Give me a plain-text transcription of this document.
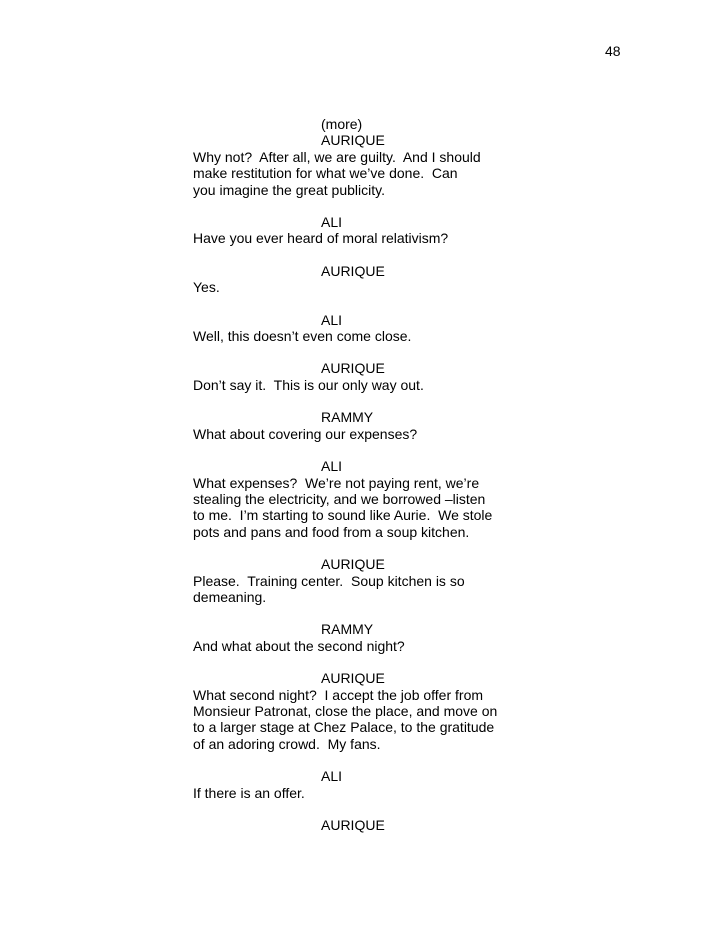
48
(more)
AURIQUE
Why not?  After all, we are guilty.  And I should
make restitution for what we’ve done.  Can
you imagine the great publicity.
ALI
Have you ever heard of moral relativism?
AURIQUE
Yes.
ALI
Well, this doesn’t even come close.
AURIQUE
Don’t say it.  This is our only way out.
RAMMY
What about covering our expenses?
ALI
What expenses?  We’re not paying rent, we’re
stealing the electricity, and we borrowed –listen
to me.  I’m starting to sound like Aurie.  We stole
pots and pans and food from a soup kitchen.
AURIQUE
Please.  Training center.  Soup kitchen is so
demeaning.
RAMMY
And what about the second night?
AURIQUE
What second night?  I accept the job offer from
Monsieur Patronat, close the place, and move on
to a larger stage at Chez Palace, to the gratitude
of an adoring crowd.  My fans.
ALI
If there is an offer.
AURIQUE
